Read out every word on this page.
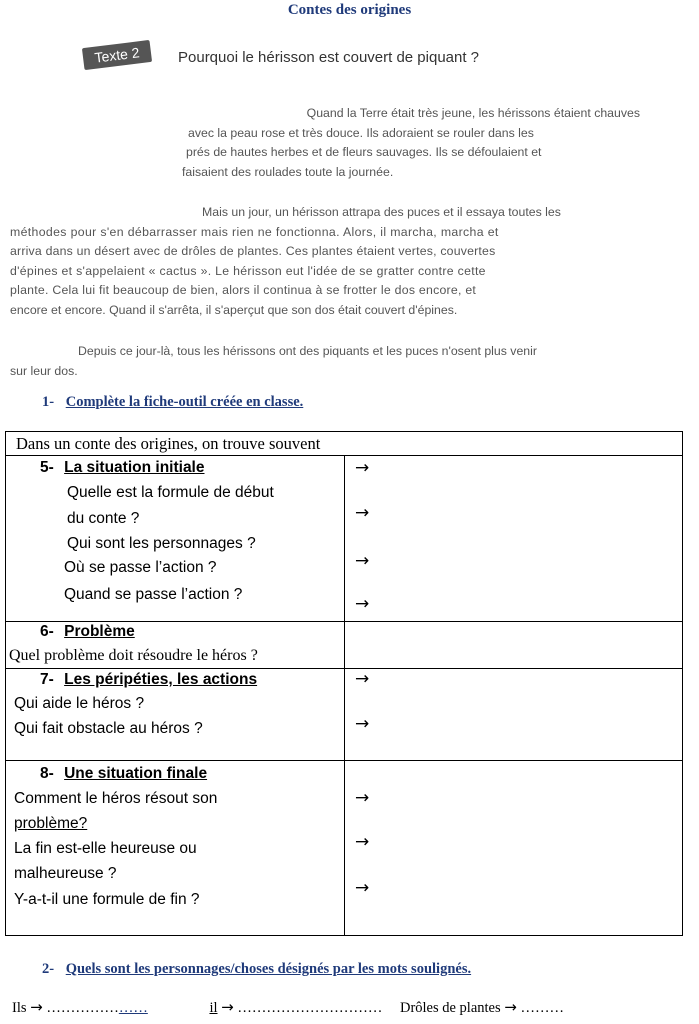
Contes des origines
Texte 2	Pourquoi le hérisson est couvert de piquant ?
Quand la Terre était très jeune, les hérissons étaient chauves
avec la peau rose et très douce. Ils adoraient se rouler dans les
prés de hautes herbes et de fleurs sauvages. Ils se défoulaient et
faisaient des roulades toute la journée.
Mais un jour, un hérisson attrapa des puces et il essaya toutes les
méthodes pour s'en débarrasser mais rien ne fonctionna. Alors, il marcha, marcha et
arriva dans un désert avec de drôles de plantes. Ces plantes étaient vertes, couvertes
d'épines et s'appelaient « cactus ». Le hérisson eut l'idée de se gratter contre cette
plante. Cela lui fit beaucoup de bien, alors il continua à se frotter le dos encore, et
encore et encore. Quand il s'arrêta, il s'aperçut que son dos était couvert d'épines.
Depuis ce jour-là, tous les hérissons ont des piquants et les puces n'osent plus venir
sur leur dos.
1- Complète la fiche-outil créée en classe.
Dans un conte des origines, on trouve souvent
5- La situation initiale
Quelle est la formule de début
du conte ?
Qui sont les personnages ?
Où se passe l’action ?
Quand se passe l’action ?
→
→
→
→
6- Problème
Quel problème doit résoudre le héros ?
7- Les péripéties, les actions
Qui aide le héros ?
Qui fait obstacle au héros ?
→
→
8- Une situation finale
Comment le héros résout son
problème?
La fin est-elle heureuse ou
malheureuse ?
Y-a-t-il une formule de fin ?
→
→
→
2- Quels sont les personnages/choses désignés par les mots soulignés.
Ils → …………………	il → ………………………… Drôles de plantes → ………
